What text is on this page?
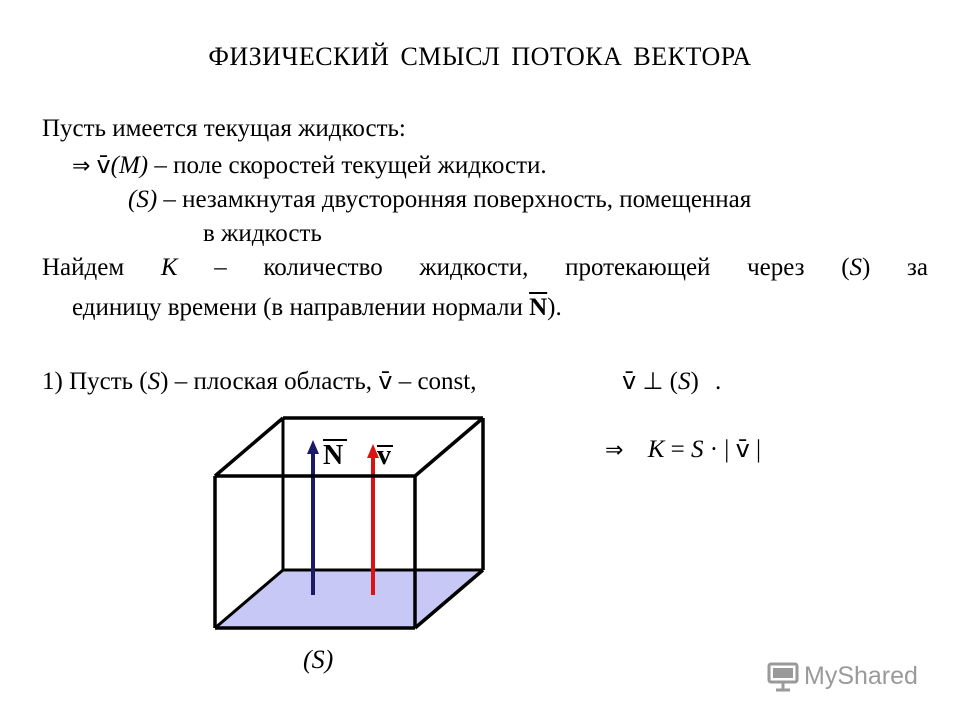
ФИЗИЧЕСКИЙ СМЫСЛ ПОТОКА ВЕКТОРА
Пусть имеется текущая жидкость:
⇒ v̄(M) – поле скоростей текущей жидкости.
(S) – незамкнутая двусторонняя поверхность, помещенная
в жидкость
Найдем K – количество жидкости, протекающей через (S) за
единицу времени (в направлении нормали $\overline{N}$).
1) Пусть (S) – плоская область, v̄ – const,	v̄ ⊥ (S) .
⇒ K = S · | v̄ |
N v
(S)
MyShared
